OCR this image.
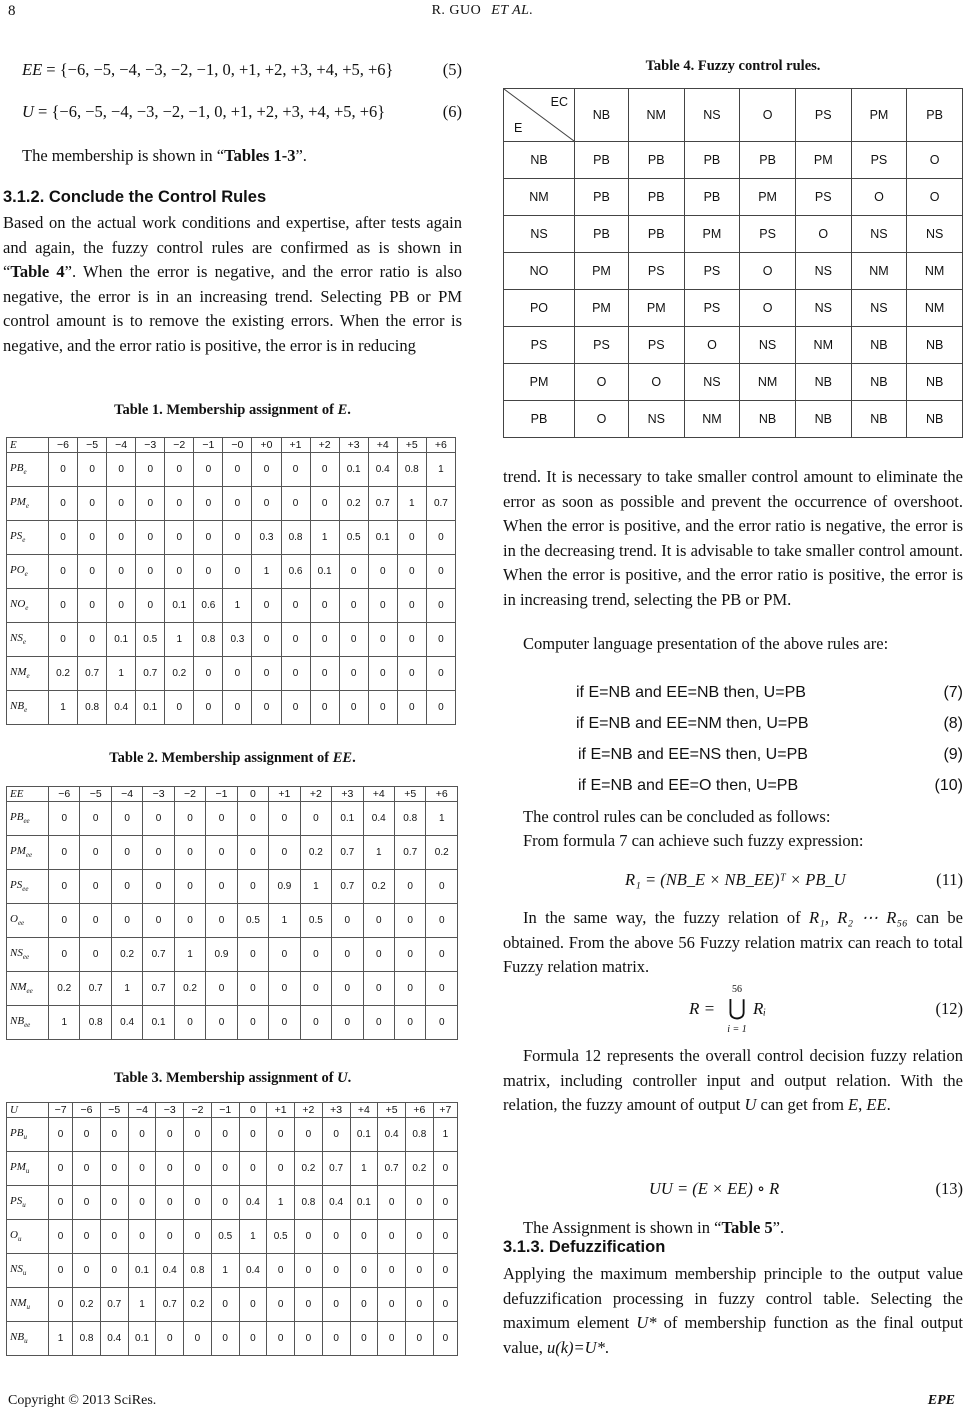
8	R. GUO ET AL.
EE = {−6, −5, −4, −3, −2, −1, 0, +1, +2, +3, +4, +5, +6}	(5)
U = {−6, −5, −4, −3, −2, −1, 0, +1, +2, +3, +4, +5, +6}	(6)
The membership is shown in “Tables 1-3”.
3.1.2. Conclude the Control Rules
Based on the actual work conditions and expertise, after tests again and again, the fuzzy control rules are confirmed as is shown in “Table 4”. When the error is negative, and the error ratio is also negative, the error is in an increasing trend. Selecting PB or PM control amount is to remove the existing errors. When the error is negative, and the error ratio is positive, the error is in reducing
Table 1. Membership assignment of E.
E	−6	−5	−4	−3	−2	−1	−0	+0	+1	+2	+3	+4	+5	+6
$PB_e$	0	0	0	0	0	0	0	0	0	0	0.1	0.4	0.8	1
$PM_e$	0	0	0	0	0	0	0	0	0	0	0.2	0.7	1	0.7
$PS_e$	0	0	0	0	0	0	0	0.3	0.8	1	0.5	0.1	0	0
$PO_e$	0	0	0	0	0	0	0	1	0.6	0.1	0	0	0	0
$NO_e$	0	0	0	0	0.1	0.6	1	0	0	0	0	0	0	0
$NS_e$	0	0	0.1	0.5	1	0.8	0.3	0	0	0	0	0	0	0
$NM_e$	0.2	0.7	1	0.7	0.2	0	0	0	0	0	0	0	0	0
$NB_e$	1	0.8	0.4	0.1	0	0	0	0	0	0	0	0	0	0
Table 2. Membership assignment of EE.
EE	−6	−5	−4	−3	−2	−1	0	+1	+2	+3	+4	+5	+6
$PB_{ee}$	0	0	0	0	0	0	0	0	0	0.1	0.4	0.8	1
$PM_{ee}$	0	0	0	0	0	0	0	0	0.2	0.7	1	0.7	0.2
$PS_{ee}$	0	0	0	0	0	0	0	0.9	1	0.7	0.2	0	0
$O_{ee}$	0	0	0	0	0	0	0.5	1	0.5	0	0	0	0
$NS_{ee}$	0	0	0.2	0.7	1	0.9	0	0	0	0	0	0	0
$NM_{ee}$	0.2	0.7	1	0.7	0.2	0	0	0	0	0	0	0	0
$NB_{ee}$	1	0.8	0.4	0.1	0	0	0	0	0	0	0	0	0
Table 3. Membership assignment of U.
U	−7	−6	−5	−4	−3	−2	−1	0	+1	+2	+3	+4	+5	+6	+7
$PB_u$	0	0	0	0	0	0	0	0	0	0	0	0.1	0.4	0.8	1
$PM_u$	0	0	0	0	0	0	0	0	0	0.2	0.7	1	0.7	0.2	0
$PS_u$	0	0	0	0	0	0	0	0.4	1	0.8	0.4	0.1	0	0	0
$O_u$	0	0	0	0	0	0	0.5	1	0.5	0	0	0	0	0	0
$NS_u$	0	0	0	0.1	0.4	0.8	1	0.4	0	0	0	0	0	0	0
$NM_u$	0	0.2	0.7	1	0.7	0.2	0	0	0	0	0	0	0	0	0
$NB_u$	1	0.8	0.4	0.1	0	0	0	0	0	0	0	0	0	0	0
Table 4. Fuzzy control rules.
EC
E	NB	NM	NS	O	PS	PM	PB
NB	PB	PB	PB	PB	PM	PS	O
NM	PB	PB	PB	PM	PS	O	O
NS	PB	PB	PM	PS	O	NS	NS
NO	PM	PS	PS	O	NS	NM	NM
PO	PM	PM	PS	O	NS	NS	NM
PS	PS	PS	O	NS	NM	NB	NB
PM	O	O	NS	NM	NB	NB	NB
PB	O	NS	NM	NB	NB	NB	NB
trend. It is necessary to take smaller control amount to eliminate the error as soon as possible and prevent the occurrence of overshoot. When the error is positive, and the error ratio is negative, the error is in the decreasing trend. It is advisable to take smaller control amount. When the error is positive, and the error ratio is positive, the error is in increasing trend, selecting the PB or PM.
Computer language presentation of the above rules are:
if E=NB and EE=NB then, U=PB	(7)
if E=NB and EE=NM then, U=PB	(8)
if E=NB and EE=NS then, U=PB	(9)
if E=NB and EE=O then, U=PB	(10)
The control rules can be concluded as follows:
From formula 7 can achieve such fuzzy expression:
R₁ = (NB_E × NB_EE)ᵀ × PB_U	(11)
In the same way, the fuzzy relation of R₁, R₂ ⋯ R₅₆ can be obtained. From the above 56 Fuzzy relation matrix can reach to total Fuzzy relation matrix.
R =
56
⋃
i = 1
Rᵢ	(12)
Formula 12 represents the overall control decision fuzzy relation matrix, including controller input and output relation. With the relation, the fuzzy amount of output U can get from E, EE.
UU = (E × EE) ∘ R	(13)
The Assignment is shown in “Table 5”.
3.1.3. Defuzzification
Applying the maximum membership principle to the output value defuzzification processing in fuzzy control table. Selecting the maximum element U* of membership function as the final output value, u(k)=U*.
Copyright © 2013 SciRes.	EPE
